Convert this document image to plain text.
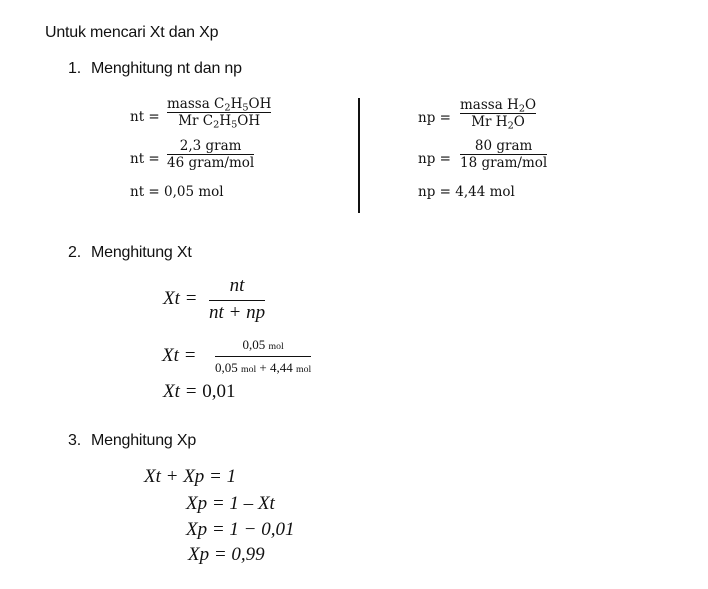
Untuk mencari Xt dan Xp
1. Menghitung nt dan np
nt =
massa $C_2H_5OH$
Mr $C_2H_5OH$
nt =
2,3 gram
46 gram/mol
nt = 0,05 mol
np =
massa $H_2O$
Mr $H_2O$
np =
80 gram
18 gram/mol
np = 4,44 mol
2. Menghitung Xt
Xt =
nt
nt + np
Xt =
0,05 mol
0,05 mol + 4,44 mol
Xt = 0,01
3. Menghitung Xp
Xt + Xp = 1
Xp = 1 – Xt
Xp = 1 − 0,01
Xp = 0,99
